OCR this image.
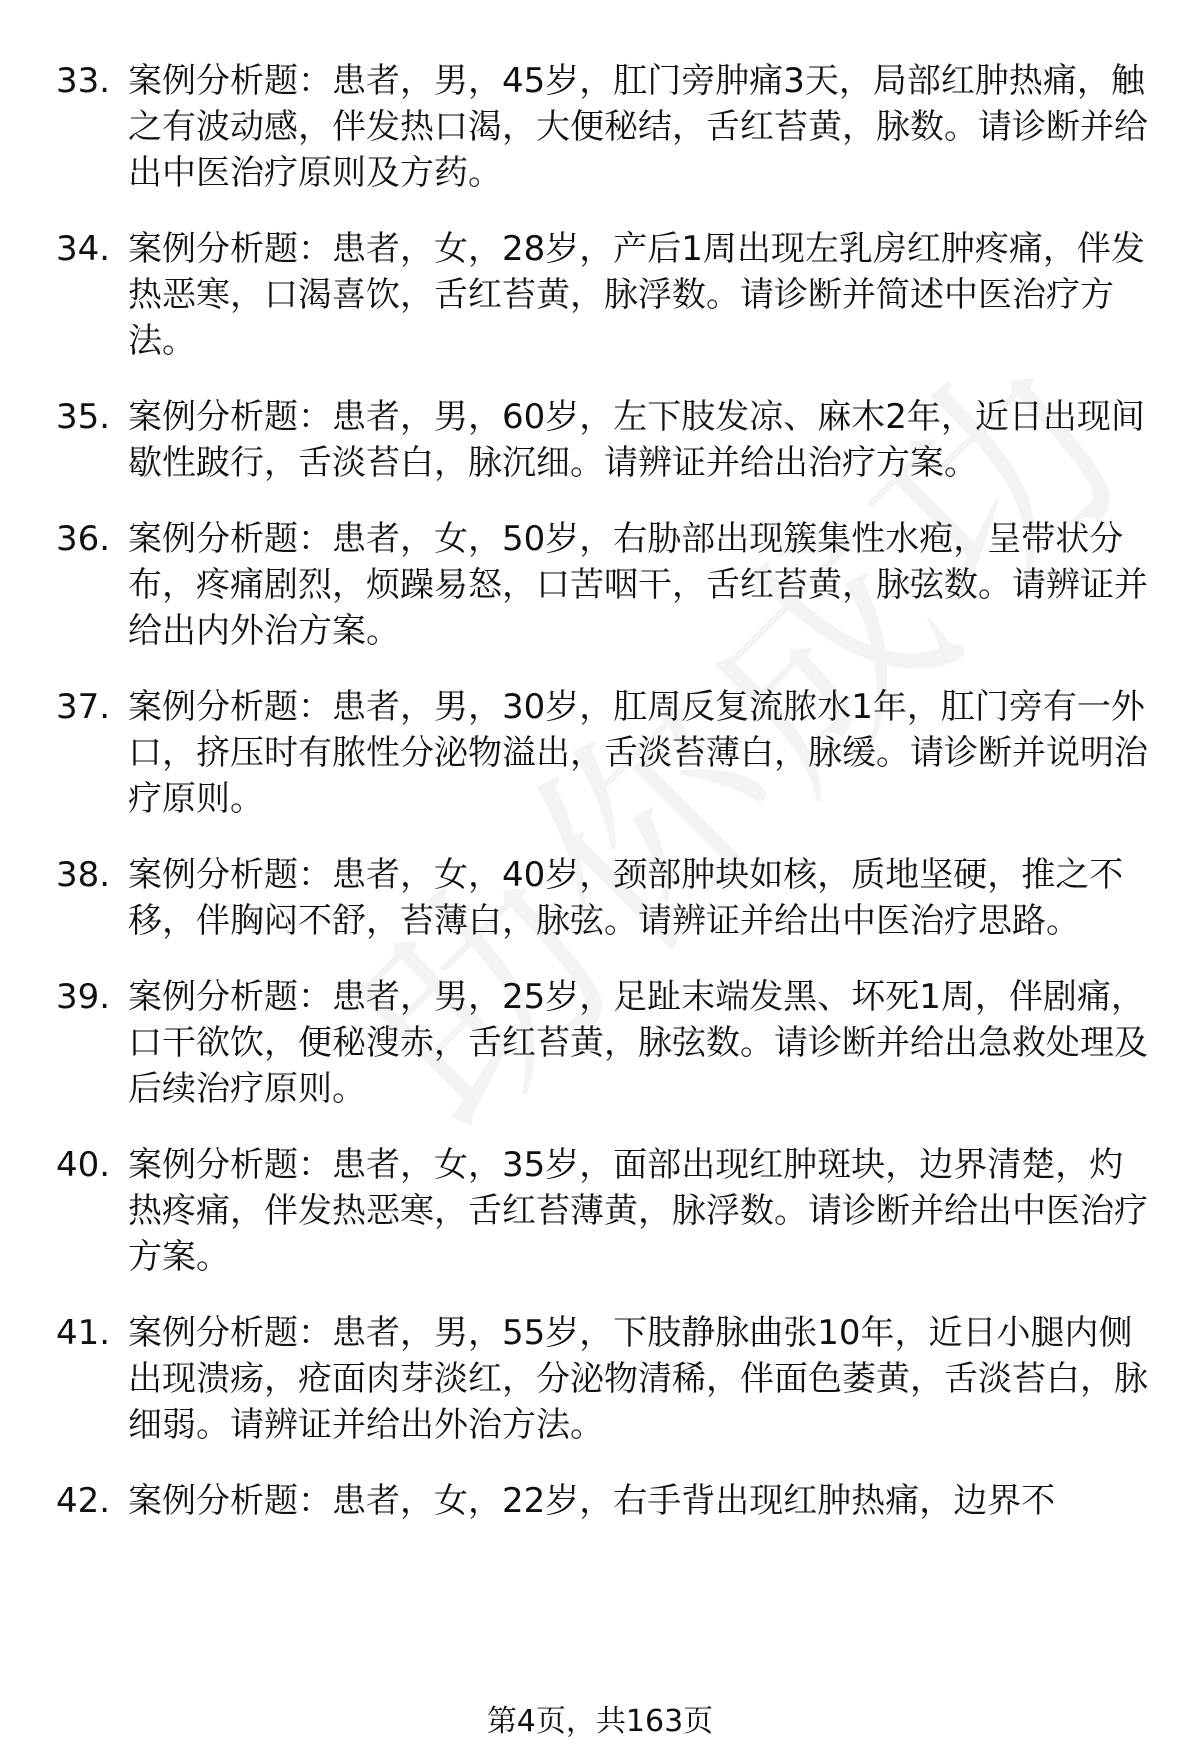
33. 案例分析题：患者，男，45岁，肛门旁肿痛3天，局部红肿热痛，触之有波动感，伴发热口渴，大便秘结，舌红苔黄，脉数。请诊断并给出中医治疗原则及方药。
34. 案例分析题：患者，女，28岁，产后1周出现左乳房红肿疼痛，伴发热恶寒，口渴喜饮，舌红苔黄，脉浮数。请诊断并简述中医治疗方法。
35. 案例分析题：患者，男，60岁，左下肢发凉、麻木2年，近日出现间歇性跛行，舌淡苔白，脉沉细。请辨证并给出治疗方案。
36. 案例分析题：患者，女，50岁，右胁部出现簇集性水疱，呈带状分布，疼痛剧烈，烦躁易怒，口苦咽干，舌红苔黄，脉弦数。请辨证并给出内外治方案。
37. 案例分析题：患者，男，30岁，肛周反复流脓水1年，肛门旁有一外口，挤压时有脓性分泌物溢出，舌淡苔薄白，脉缓。请诊断并说明治疗原则。
38. 案例分析题：患者，女，40岁，颈部肿块如核，质地坚硬，推之不移，伴胸闷不舒，苔薄白，脉弦。请辨证并给出中医治疗思路。
39. 案例分析题：患者，男，25岁，足趾末端发黑、坏死1周，伴剧痛，口干欲饮，便秘溲赤，舌红苔黄，脉弦数。请诊断并给出急救处理及后续治疗原则。
40. 案例分析题：患者，女，35岁，面部出现红肿斑块，边界清楚，灼热疼痛，伴发热恶寒，舌红苔薄黄，脉浮数。请诊断并给出中医治疗方案。
41. 案例分析题：患者，男，55岁，下肢静脉曲张10年，近日小腿内侧出现溃疡，疮面肉芽淡红，分泌物清稀，伴面色萎黄，舌淡苔白，脉细弱。请辨证并给出外治方法。
42. 案例分析题：患者，女，22岁，右手背出现红肿热痛，边界不
第4页，共163页
